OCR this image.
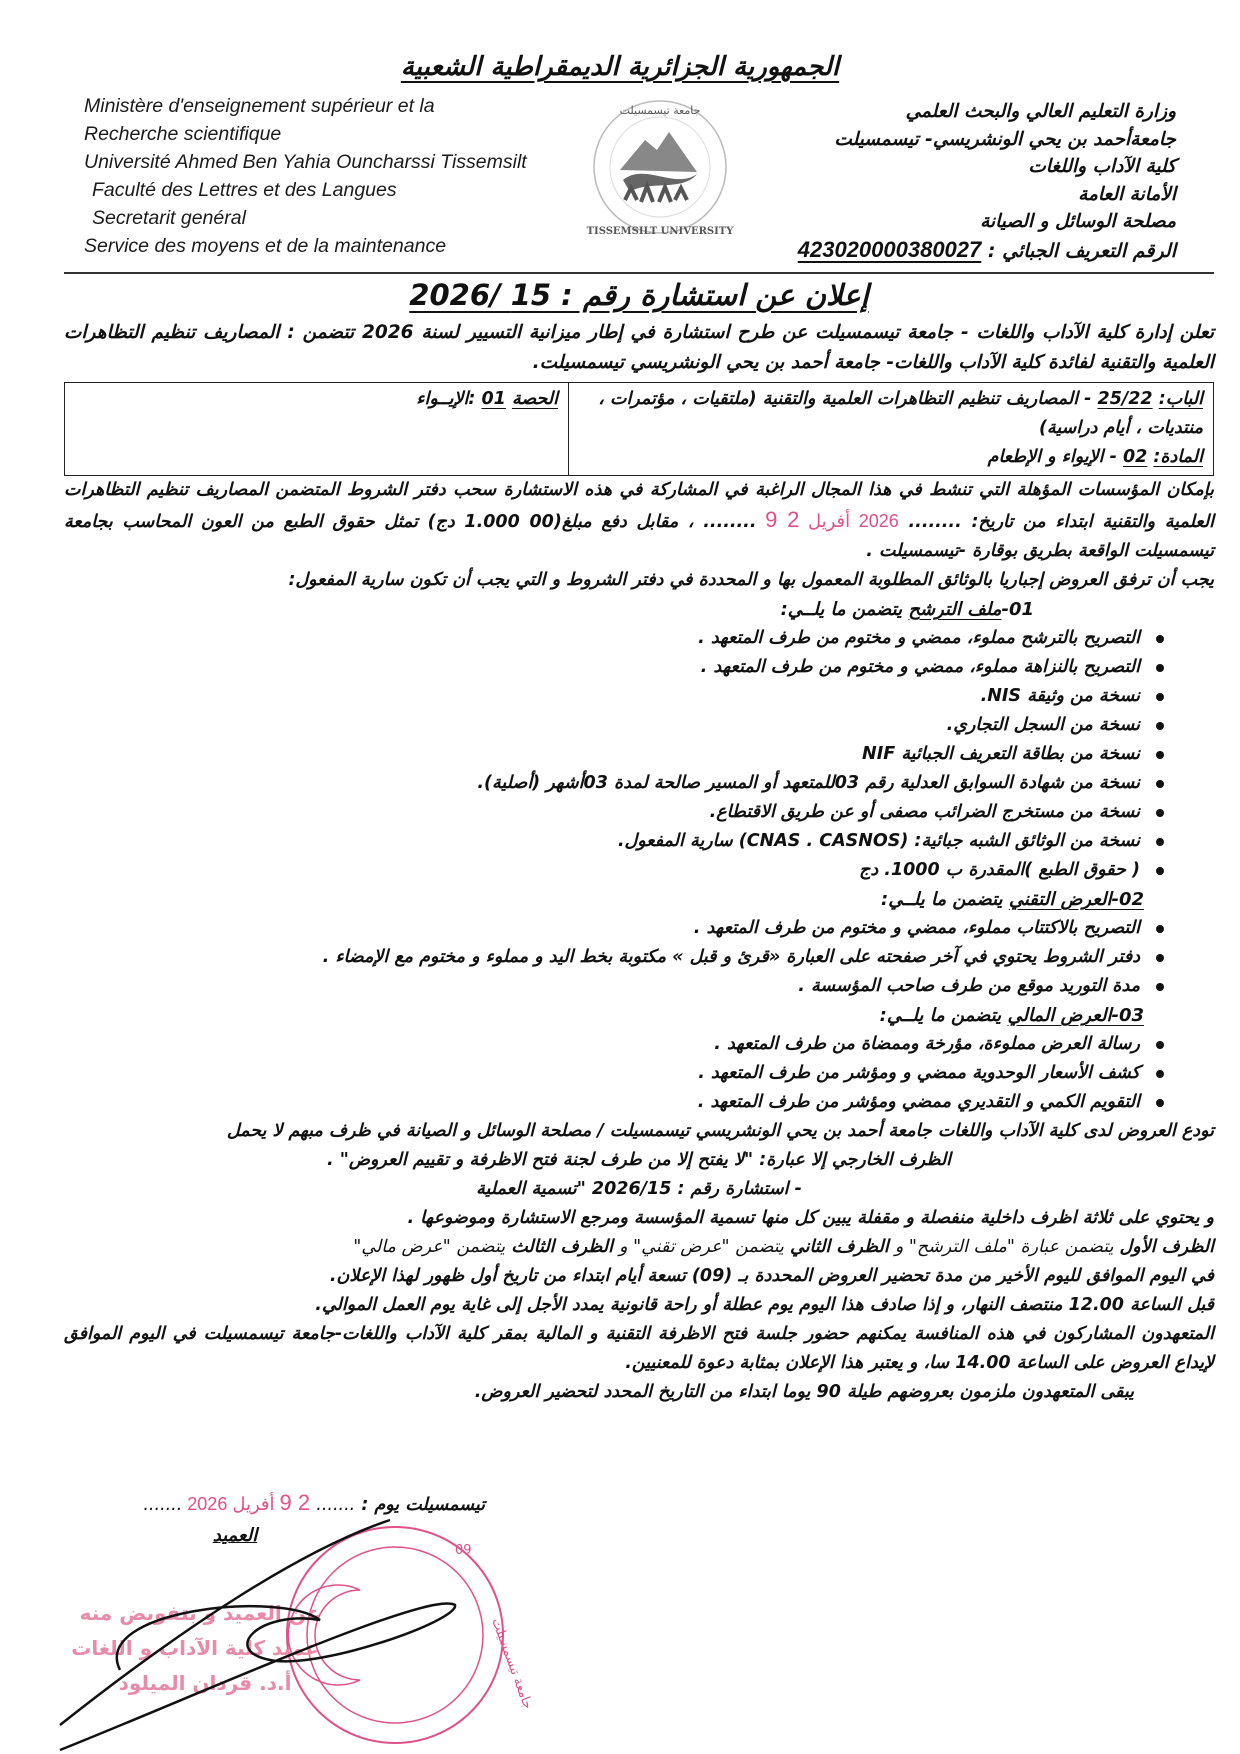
الجمهورية الجزائرية الديمقراطية الشعبية
Ministère d'enseignement supérieur et la
Recherche scientifique
Université Ahmed Ben Yahia Ouncharssi Tissemsilt
Faculté des Lettres et des Langues
Secretarit genéral
Service des moyens et de la maintenance
TISSEMSILT UNIVERSITY
جامعة تيسمسيلت	وزارة التعليم العالي والبحث العلمي
جامعةأحمد بن يحي الونشريسي- تيسمسيلت
كلية الآداب واللغات
الأمانة العامة
مصلحة الوسائل و الصيانة
الرقم التعريف الجبائي : 423020000380027
إعلان عن استشارة رقم : 15 /2026
تعلن إدارة كلية الآداب واللغات - جامعة تيسمسيلت عن طرح استشارة في إطار ميزانية التسيير لسنة 2026 تتضمن : المصاريف تنظيم التظاهرات العلمية والتقنية لفائدة كلية الآداب واللغات- جامعة أحمد بن يحي الونشريسي تيسمسيلت.
الباب: 25/22 - المصاريف تنظيم التظاهرات العلمية والتقنية (ملتقيات ، مؤتمرات ، منتديات ، أيام دراسية)
المادة: 02 - الإيواء و الإطعام
الحصة 01 :الإيــواء
بإمكان المؤسسات المؤهلة التي تنشط في هذا المجال الراغبة في المشاركة في هذه الاستشارة سحب دفتر الشروط المتضمن المصاريف تنظيم التظاهرات العلمية والتقنية ابتداء من تاريخ: ........ 2026 أفريل 2 9 ........ ، مقابل دفع مبلغ(00 1.000 دج) تمثل حقوق الطبع من العون المحاسب بجامعة تيسمسيلت الواقعة بطريق بوقارة -تيسمسيلت .
يجب أن ترفق العروض إجباريا بالوثائق المطلوبة المعمول بها و المحددة في دفتر الشروط و التي يجب أن تكون سارية المفعول:
01-ملف الترشح يتضمن ما يلــي:
التصريح بالترشح مملوء، ممضي و مختوم من طرف المتعهد .
التصريح بالنزاهة مملوء، ممضي و مختوم من طرف المتعهد .
نسخة من وثيقة NIS.
نسخة من السجل التجاري.
نسخة من بطاقة التعريف الجبائية NIF
نسخة من شهادة السوابق العدلية رقم 03للمتعهد أو المسير صالحة لمدة 03أشهر (أصلية).
نسخة من مستخرج الضرائب مصفى أو عن طريق الاقتطاع.
نسخة من الوثائق الشبه جبائية: (CNAS . CASNOS) سارية المفعول.
( حقوق الطبع )المقدرة ب 1000. دج
02-العرض التقني يتضمن ما يلــي:
التصريح بالاكتتاب مملوء، ممضي و مختوم من طرف المتعهد .
دفتر الشروط يحتوي في آخر صفحته على العبارة «قرئ و قبل » مكتوبة بخط اليد و مملوء و مختوم مع الإمضاء .
مدة التوريد موقع من طرف صاحب المؤسسة .
03-العرض المالي يتضمن ما يلــي:
رسالة العرض مملوءة، مؤرخة وممضاة من طرف المتعهد .
كشف الأسعار الوحدوية ممضي و ومؤشر من طرف المتعهد .
التقويم الكمي و التقديري ممضي ومؤشر من طرف المتعهد .
تودع العروض لدى كلية الآداب واللغات جامعة أحمد بن يحي الونشريسي تيسمسيلت / مصلحة الوسائل و الصيانة في ظرف مبهم لا يحمل
الظرف الخارجي إلا عبارة: "لا يفتح إلا من طرف لجنة فتح الاظرفة و تقييم العروض" .
- استشارة رقم : 2026/15 "تسمية العملية
و يحتوي على ثلاثة اظرف داخلية منفصلة و مقفلة يبين كل منها تسمية المؤسسة ومرجع الاستشارة وموضوعها .
الظرف الأول يتضمن عبارة "ملف الترشح" و الظرف الثاني يتضمن "عرض تقني" و الظرف الثالث يتضمن "عرض مالي"
في اليوم الموافق لليوم الأخير من مدة تحضير العروض المحددة بـ (09) تسعة أيام ابتداء من تاريخ أول ظهور لهذا الإعلان.
قبل الساعة 12.00 منتصف النهار، و إذا صادف هذا اليوم يوم عطلة أو راحة قانونية يمدد الأجل إلى غاية يوم العمل الموالي.
المتعهدون المشاركون في هذه المنافسة يمكنهم حضور جلسة فتح الاظرفة التقنية و المالية بمقر كلية الآداب واللغات-جامعة تيسمسيلت في اليوم الموافق لإيداع العروض على الساعة 14.00 سا، و يعتبر هذا الإعلان بمثابة دعوة للمعنيين.
يبقى المتعهدون ملزمون بعروضهم طيلة 90 يوما ابتداء من التاريخ المحدد لتحضير العروض.
جامعة تيسمسيلت
09
عن العميد و بتفويض منه
عميد كلية الآداب و اللغات
أ.د. قردان الميلود
تيسمسيلت يوم : ....... 2 9 أفريل 2026 .......
العميد
